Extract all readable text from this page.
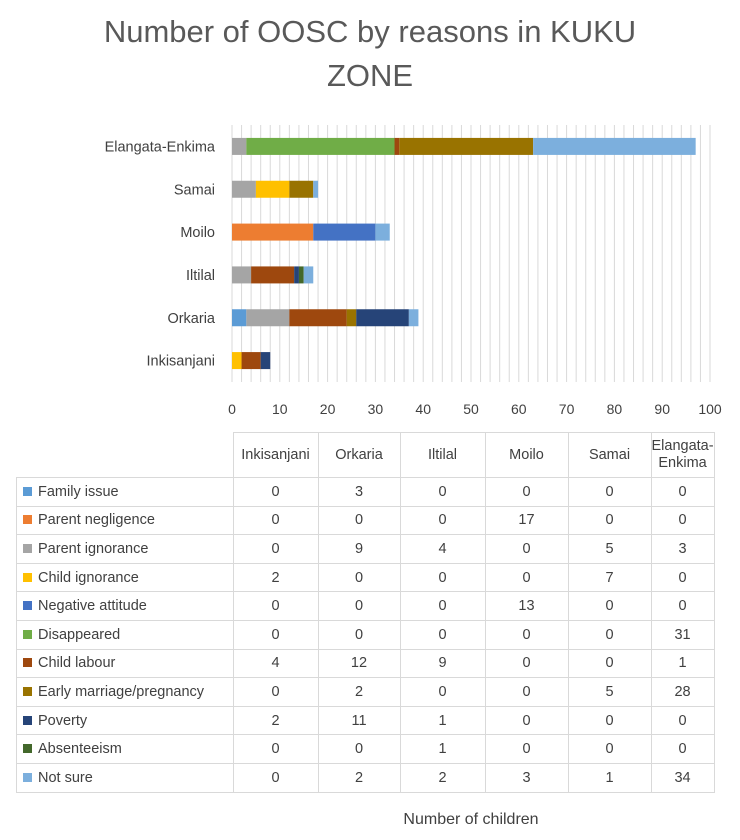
Number of OOSC by reasons in KUKU
ZONE
Inkisanjani
Orkaria
Iltilal
Moilo
Samai
Elangata-Enkima
0	10 20 30 40 50 60 70 80 90 100
	Inkisanjani	Orkaria	Iltilal	Moilo	Samai	Elangata-Enkima
Family issue	0	3	0	0	0	0
Parent negligence	0	0	0	17	0	0
Parent ignorance	0	9	4	0	5	3
Child ignorance	2	0	0	0	7	0
Negative attitude	0	0	0	13	0	0
Disappeared	0	0	0	0	0	31
Child labour	4	12	9	0	0	1
Early marriage/pregnancy	0	2	0	0	5	28
Poverty	2	11	1	0	0	0
Absenteeism	0	0	1	0	0	0
Not sure	0	2	2	3	1	34
Number of children
